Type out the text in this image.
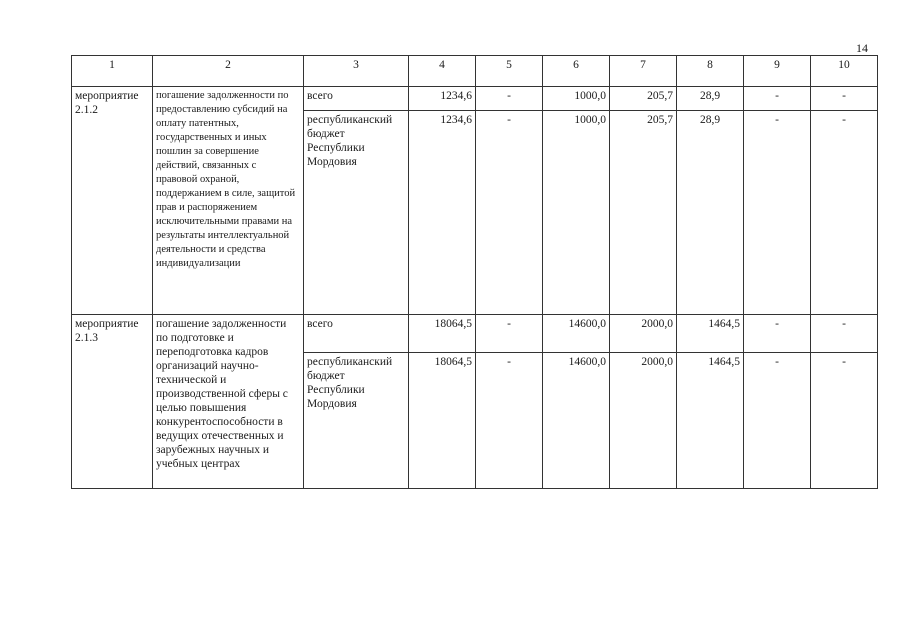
14
1	2	3	4	5	6	7	8	9	10
мероприятие 2.1.2	погашение задолженности по предоставлению субсидий на оплату патентных, государственных и иных пошлин за совершение действий, связанных с правовой охраной, поддержанием в силе, защитой прав и распоряжением исключительными правами на результаты интеллектуальной деятельности и средства индивидуализации	всего	1234,6	-	1000,0	205,7	28,9	-	-
		республиканский бюджет Республики Мордовия	1234,6	-	1000,0	205,7	28,9	-	-
мероприятие 2.1.3	погашение задолженности по подготовке и переподготовка кадров организаций научно-технической и производственной сферы с целью повышения конкурентоспособности в ведущих отечественных и зарубежных научных и учебных центрах	всего	18064,5	-	14600,0	2000,0	1464,5	-	-
		республиканский бюджет Республики Мордовия	18064,5	-	14600,0	2000,0	1464,5	-	-
